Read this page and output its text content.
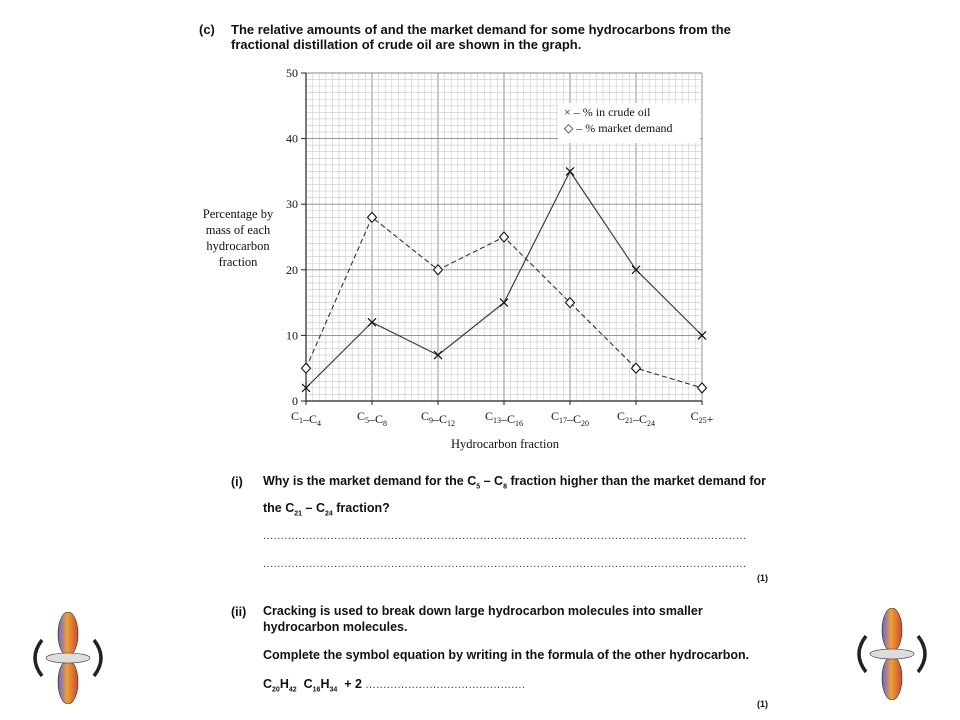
(c) The relative amounts of and the market demand for some hydrocarbons from the fractional distillation of crude oil are shown in the graph.
Percentage by mass of each hydrocarbon fraction
0
10
20
30
40
50
$C_1-C_4$
$C_5-C_8$
$C_9-C_{12}$
$C_{13}-C_{16}$
$C_{17}-C_{20}$
$C_{21}-C_{24}$
$C_{25}+$
× – % in crude oil
◇ – % market demand
Hydrocarbon fraction
(i) Why is the market demand for the $C_5 - C_8$ fraction higher than the market demand for
the $C_{21} - C_{24}$ fraction?
........................................................................................................................................
........................................................................................................................................
(1)
(ii) Cracking is used to break down large hydrocarbon molecules into smaller
hydrocarbon molecules.
Complete the symbol equation by writing in the formula of the other hydrocarbon.
$C_{20}H_{42}$ $C_{16}H_{34} + 2$ .............................................
(1)
